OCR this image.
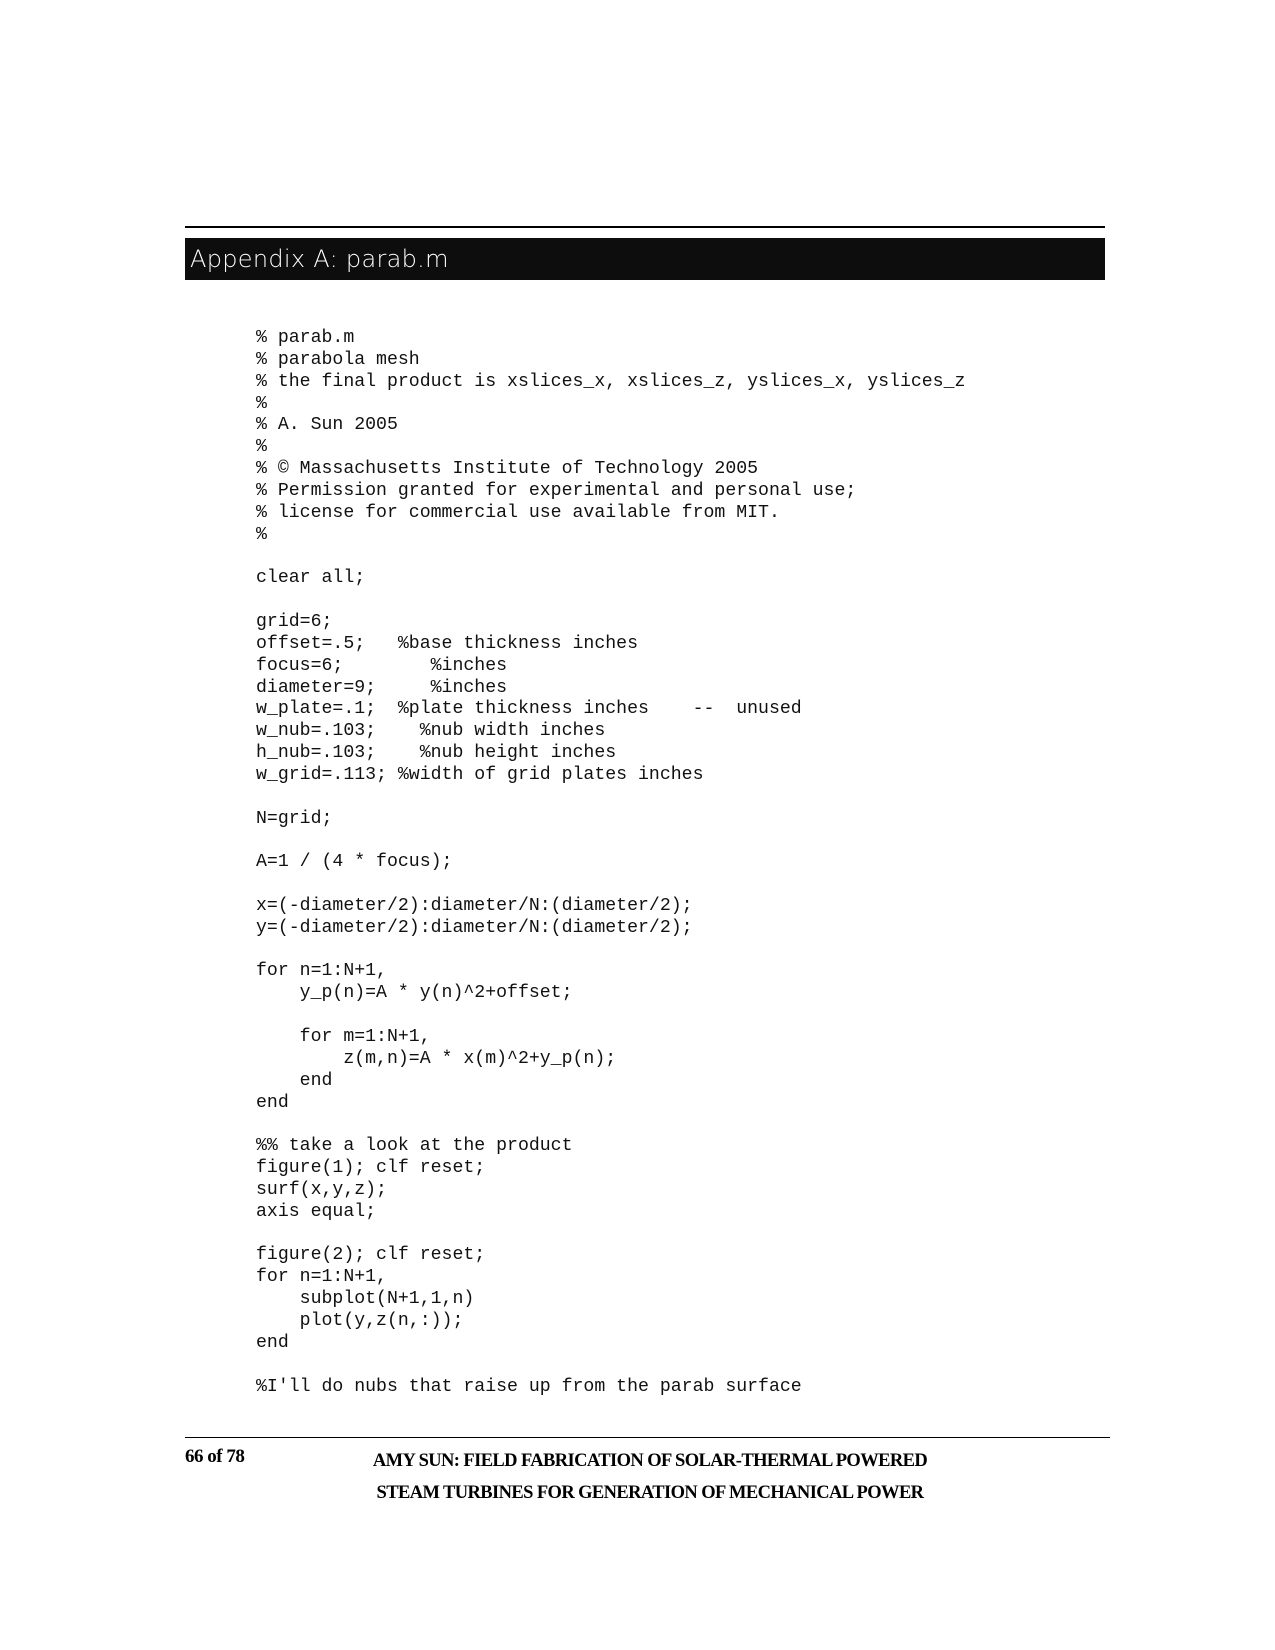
Appendix A: parab.m
% parab.m
% parabola mesh
% the final product is xslices_x, xslices_z, yslices_x, yslices_z
%
% A. Sun 2005
%
% © Massachusetts Institute of Technology 2005
% Permission granted for experimental and personal use;
% license for commercial use available from MIT.
%
clear all;
grid=6;
offset=.5;   %base thickness inches
focus=6;        %inches
diameter=9;     %inches
w_plate=.1;  %plate thickness inches    --  unused
w_nub=.103;    %nub width inches
h_nub=.103;    %nub height inches
w_grid=.113; %width of grid plates inches
N=grid;
A=1 / (4 * focus);
x=(-diameter/2):diameter/N:(diameter/2);
y=(-diameter/2):diameter/N:(diameter/2);
for n=1:N+1,
y_p(n)=A * y(n)^2+offset;
for m=1:N+1,
z(m,n)=A * x(m)^2+y_p(n);
end
end
%% take a look at the product
figure(1); clf reset;
surf(x,y,z);
axis equal;
figure(2); clf reset;
for n=1:N+1,
subplot(N+1,1,n)
plot(y,z(n,:));
end
%I'll do nubs that raise up from the parab surface
66 of 78	AMY SUN: FIELD FABRICATION OF SOLAR-THERMAL POWERED
STEAM TURBINES FOR GENERATION OF MECHANICAL POWER
